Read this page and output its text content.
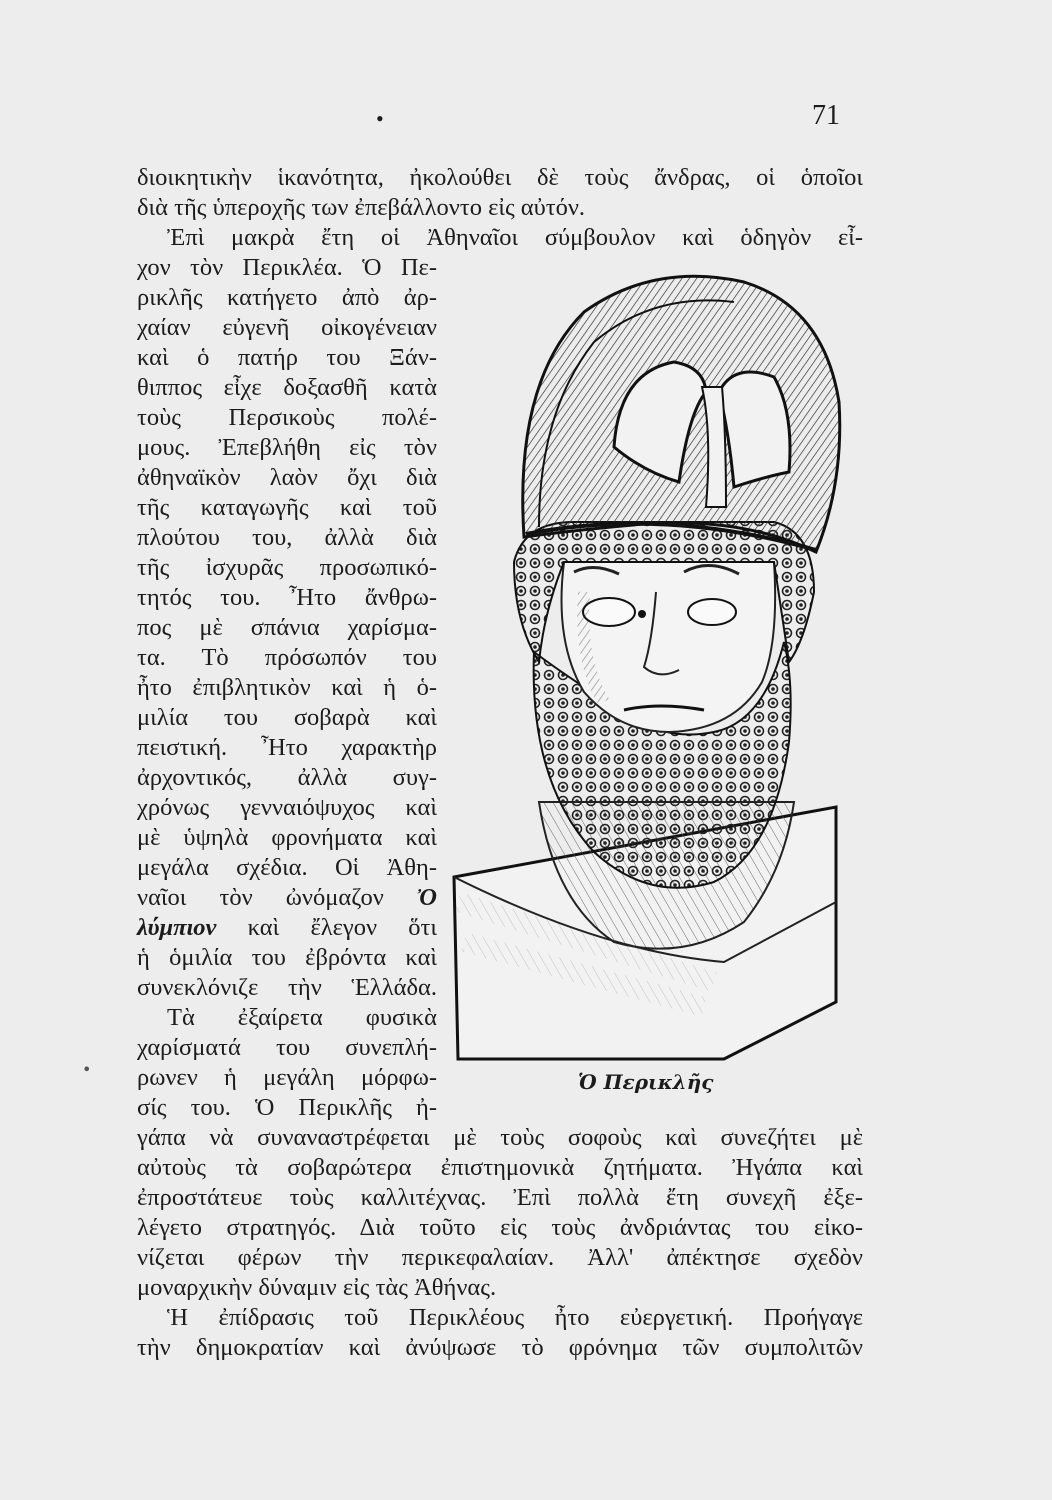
•	71
•
διοικητικὴν ἱκανότητα, ἠκολούθει δὲ τοὺς ἄνδρας, οἱ ὁποῖοι
διὰ τῆς ὑπεροχῆς των ἐπεβάλλοντο εἰς αὐτόν.
Ἐπὶ μακρὰ ἔτη οἱ Ἀθηναῖοι σύμβουλον καὶ ὁδηγὸν εἶ-
χον τὸν Περικλέα. Ὁ Πε-
ρικλῆς κατήγετο ἀπὸ ἀρ-
χαίαν εὐγενῆ οἰκογένειαν
καὶ ὁ πατήρ του Ξάν-
θιππος εἶχε δοξασθῆ κατὰ
τοὺς Περσικοὺς πολέ-
μους. Ἐπεβλήθη εἰς τὸν
ἀθηναϊκὸν λαὸν ὄχι διὰ
τῆς καταγωγῆς καὶ τοῦ
πλούτου του, ἀλλὰ διὰ
τῆς ἰσχυρᾶς προσωπικό-
τητός του. Ἦτο ἄνθρω-
πος μὲ σπάνια χαρίσμα-
τα. Τὸ πρόσωπόν του
ἦτο ἐπιβλητικὸν καὶ ἡ ὁ-
μιλία του σοβαρὰ καὶ
πειστική. Ἦτο χαρακτὴρ
ἀρχοντικός, ἀλλὰ συγ-
χρόνως γενναιόψυχος καὶ
μὲ ὑψηλὰ φρονήματα καὶ
μεγάλα σχέδια. Οἱ Ἀθη-
ναῖοι τὸν ὠνόμαζον Ὀ
λύμπιον καὶ ἔλεγον ὅτι
ἡ ὁμιλία του ἐβρόντα καὶ
συνεκλόνιζε τὴν Ἑλλάδα.
Τὰ ἐξαίρετα φυσικὰ
χαρίσματά του συνεπλή-
ρωνεν ἡ μεγάλη μόρφω-
σίς του. Ὁ Περικλῆς ἠ-
γάπα νὰ συναναστρέφεται μὲ τοὺς σοφοὺς καὶ συνεζήτει μὲ
αὐτοὺς τὰ σοβαρώτερα ἐπιστημονικὰ ζητήματα. Ἠγάπα καὶ
ἐπροστάτευε τοὺς καλλιτέχνας. Ἐπὶ πολλὰ ἔτη συνεχῆ ἐξε-
λέγετο στρατηγός. Διὰ τοῦτο εἰς τοὺς ἀνδριάντας του εἰκο-
νίζεται φέρων τὴν περικεφαλαίαν. Ἀλλ' ἀπέκτησε σχεδὸν
μοναρχικὴν δύναμιν εἰς τὰς Ἀθήνας.
Ἡ ἐπίδρασις τοῦ Περικλέους ἦτο εὐεργετική. Προήγαγε
τὴν δημοκρατίαν καὶ ἀνύψωσε τὸ φρόνημα τῶν συμπολιτῶν
Ὁ Περικλῆς
